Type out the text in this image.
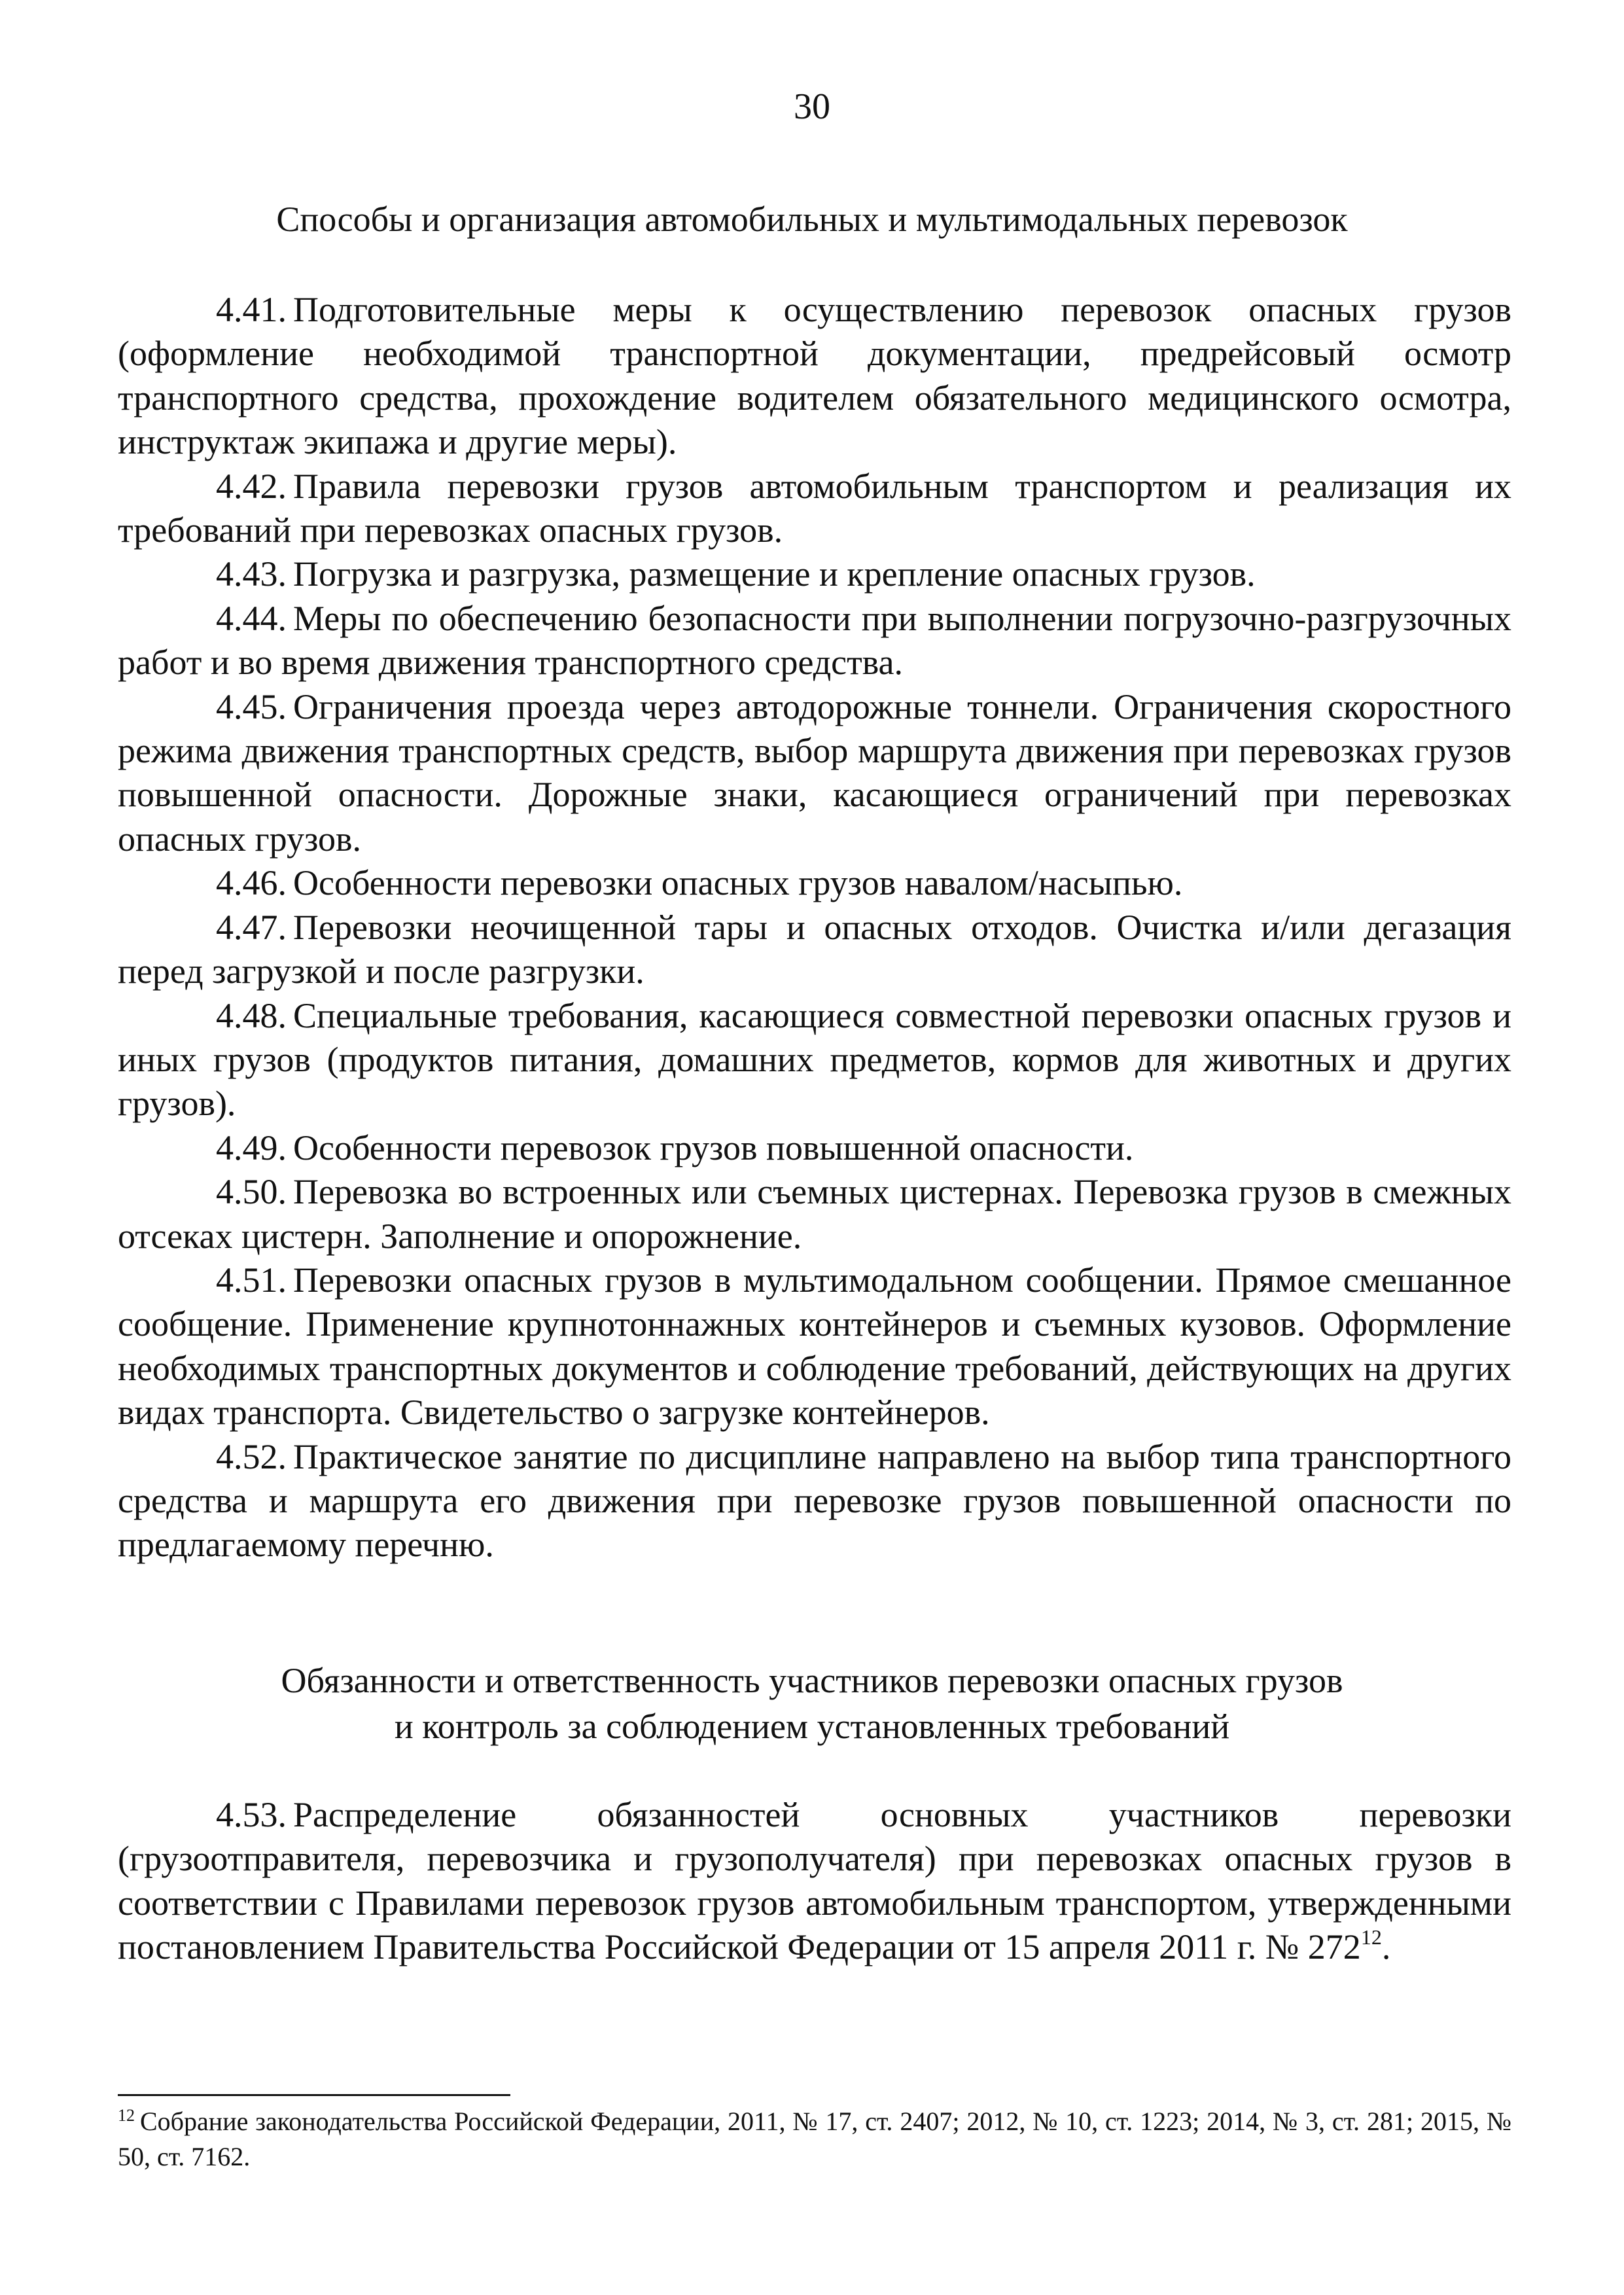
30
Способы и организация автомобильных и мультимодальных перевозок

4.41. Подготовительные меры к осуществлению перевозок опасных грузов (оформление необходимой транспортной документации, предрейсовый осмотр транспортного средства, прохождение водителем обязательного медицинского осмотра, инструктаж экипажа и другие меры).

4.42. Правила перевозки грузов автомобильным транспортом и реализация их требований при перевозках опасных грузов.

4.43. Погрузка и разгрузка, размещение и крепление опасных грузов.

4.44. Меры по обеспечению безопасности при выполнении погрузочно-разгрузочных работ и во время движения транспортного средства.

4.45. Ограничения проезда через автодорожные тоннели. Ограничения скоростного режима движения транспортных средств, выбор маршрута движения при перевозках грузов повышенной опасности. Дорожные знаки, касающиеся ограничений при перевозках опасных грузов.

4.46. Особенности перевозки опасных грузов навалом/насыпью.

4.47. Перевозки неочищенной тары и опасных отходов. Очистка и/или дегазация перед загрузкой и после разгрузки.

4.48. Специальные требования, касающиеся совместной перевозки опасных грузов и иных грузов (продуктов питания, домашних предметов, кормов для животных и других грузов).

4.49. Особенности перевозок грузов повышенной опасности.

4.50. Перевозка во встроенных или съемных цистернах. Перевозка грузов в смежных отсеках цистерн. Заполнение и опорожнение.

4.51. Перевозки опасных грузов в мультимодальном сообщении. Прямое смешанное сообщение. Применение крупнотоннажных контейнеров и съемных кузовов. Оформление необходимых транспортных документов и соблюдение требований, действующих на других видах транспорта. Свидетельство о загрузке контейнеров.

4.52. Практическое занятие по дисциплине направлено на выбор типа транспортного средства и маршрута его движения при перевозке грузов повышенной опасности по предлагаемому перечню.

Обязанности и ответственность участников перевозки опасных грузов
и контроль за соблюдением установленных требований

4.53. Распределение обязанностей основных участников перевозки (грузоотправителя, перевозчика и грузополучателя) при перевозках опасных грузов в соответствии с Правилами перевозок грузов автомобильным транспортом, утвержденными постановлением Правительства Российской Федерации от 15 апреля 2011 г. № 272$^{12}$.

$^{12}$ Собрание законодательства Российской Федерации, 2011, № 17, ст. 2407; 2012, № 10, ст. 1223; 2014, № 3, ст. 281; 2015, № 50, ст. 7162.
